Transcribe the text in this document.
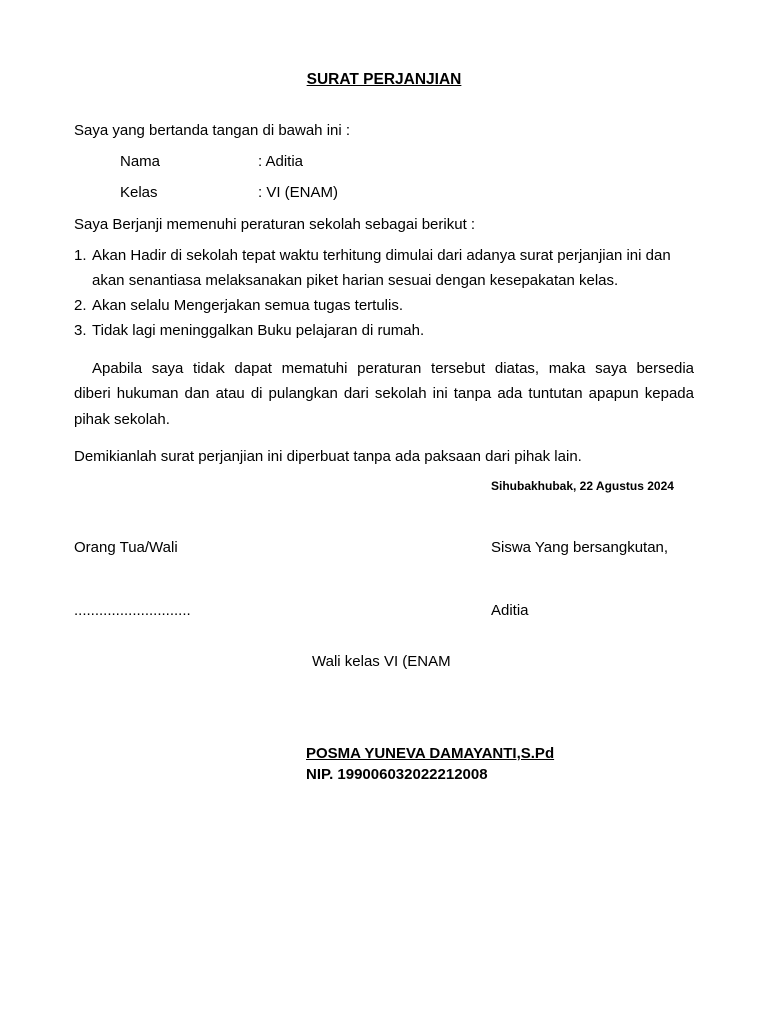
SURAT PERJANJIAN
Saya yang bertanda tangan di bawah ini :
Nama	: Aditia
Kelas	: VI (ENAM)
Saya Berjanji memenuhi peraturan sekolah sebagai berikut :
1. Akan Hadir di sekolah tepat waktu terhitung dimulai dari adanya surat perjanjian ini dan
akan senantiasa melaksanakan piket harian sesuai dengan kesepakatan kelas.
2. Akan selalu Mengerjakan semua tugas tertulis.
3. Tidak lagi meninggalkan Buku pelajaran di rumah.
Apabila saya tidak dapat mematuhi peraturan tersebut diatas, maka saya bersedia
diberi hukuman dan atau di pulangkan dari sekolah ini tanpa ada tuntutan apapun kepada
pihak sekolah.
Demikianlah surat perjanjian ini diperbuat tanpa ada paksaan dari pihak lain.
Sihubakhubak, 22 Agustus 2024
Orang Tua/Wali	Siswa Yang bersangkutan,
............................	Aditia
Wali kelas VI (ENAM
POSMA YUNEVA DAMAYANTI,S.Pd
NIP. 199006032022212008
